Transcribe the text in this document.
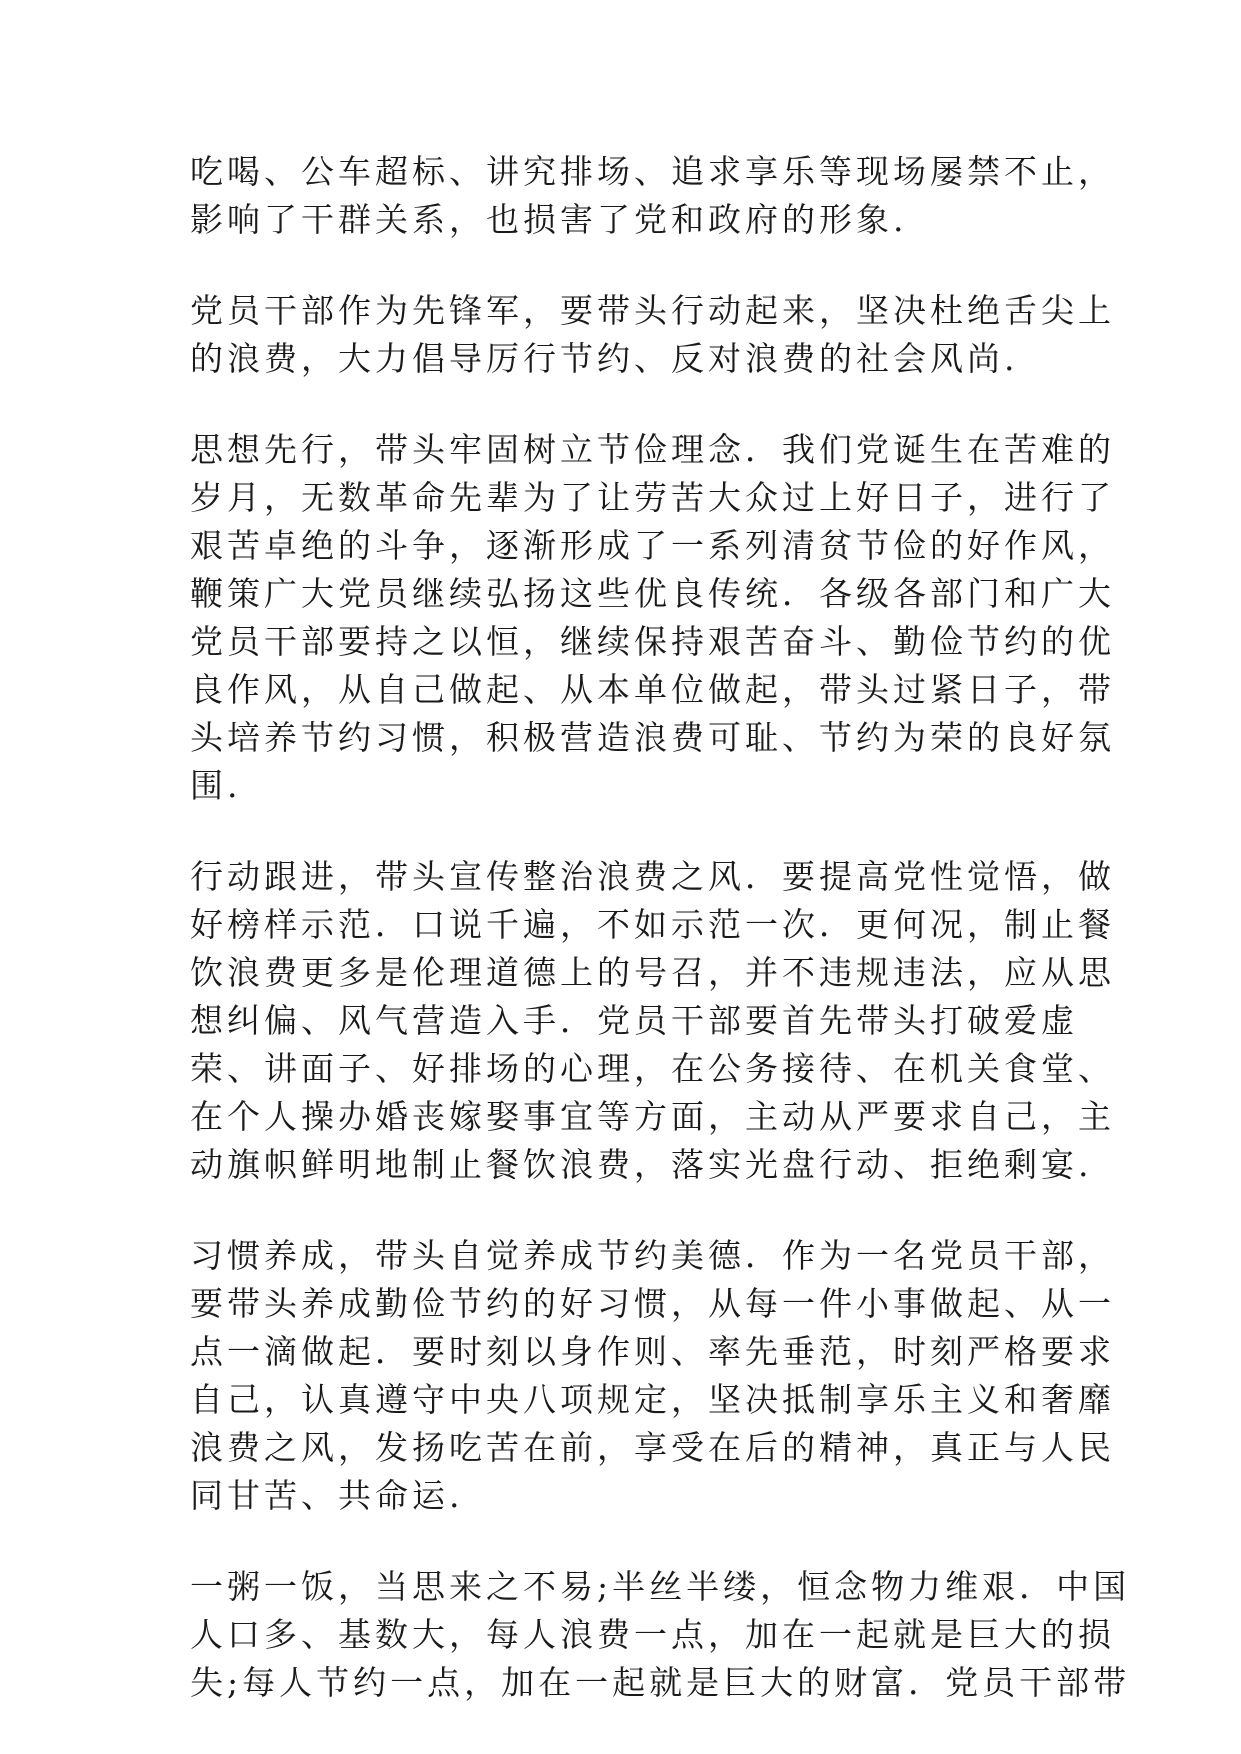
吃喝、公车超标、讲究排场、追求享乐等现场屡禁不止，
影响了干群关系，也损害了党和政府的形象.

党员干部作为先锋军，要带头行动起来，坚决杜绝舌尖上
的浪费，大力倡导厉行节约、反对浪费的社会风尚.

思想先行，带头牢固树立节俭理念．我们党诞生在苦难的
岁月，无数革命先辈为了让劳苦大众过上好日子，进行了
艰苦卓绝的斗争，逐渐形成了一系列清贫节俭的好作风，
鞭策广大党员继续弘扬这些优良传统．各级各部门和广大
党员干部要持之以恒，继续保持艰苦奋斗、勤俭节约的优
良作风，从自己做起、从本单位做起，带头过紧日子，带
头培养节约习惯，积极营造浪费可耻、节约为荣的良好氛
围.

行动跟进，带头宣传整治浪费之风．要提高党性觉悟，做
好榜样示范．口说千遍，不如示范一次．更何况，制止餐
饮浪费更多是伦理道德上的号召，并不违规违法，应从思
想纠偏、风气营造入手．党员干部要首先带头打破爱虚
荣、讲面子、好排场的心理，在公务接待、在机关食堂、
在个人操办婚丧嫁娶事宜等方面，主动从严要求自己，主
动旗帜鲜明地制止餐饮浪费，落实光盘行动、拒绝剩宴.

习惯养成，带头自觉养成节约美德．作为一名党员干部，
要带头养成勤俭节约的好习惯，从每一件小事做起、从一
点一滴做起．要时刻以身作则、率先垂范，时刻严格要求
自己，认真遵守中央八项规定，坚决抵制享乐主义和奢靡
浪费之风，发扬吃苦在前，享受在后的精神，真正与人民
同甘苦、共命运.

一粥一饭，当思来之不易;半丝半缕，恒念物力维艰．中国
人口多、基数大，每人浪费一点，加在一起就是巨大的损
失;每人节约一点，加在一起就是巨大的财富．党员干部带
